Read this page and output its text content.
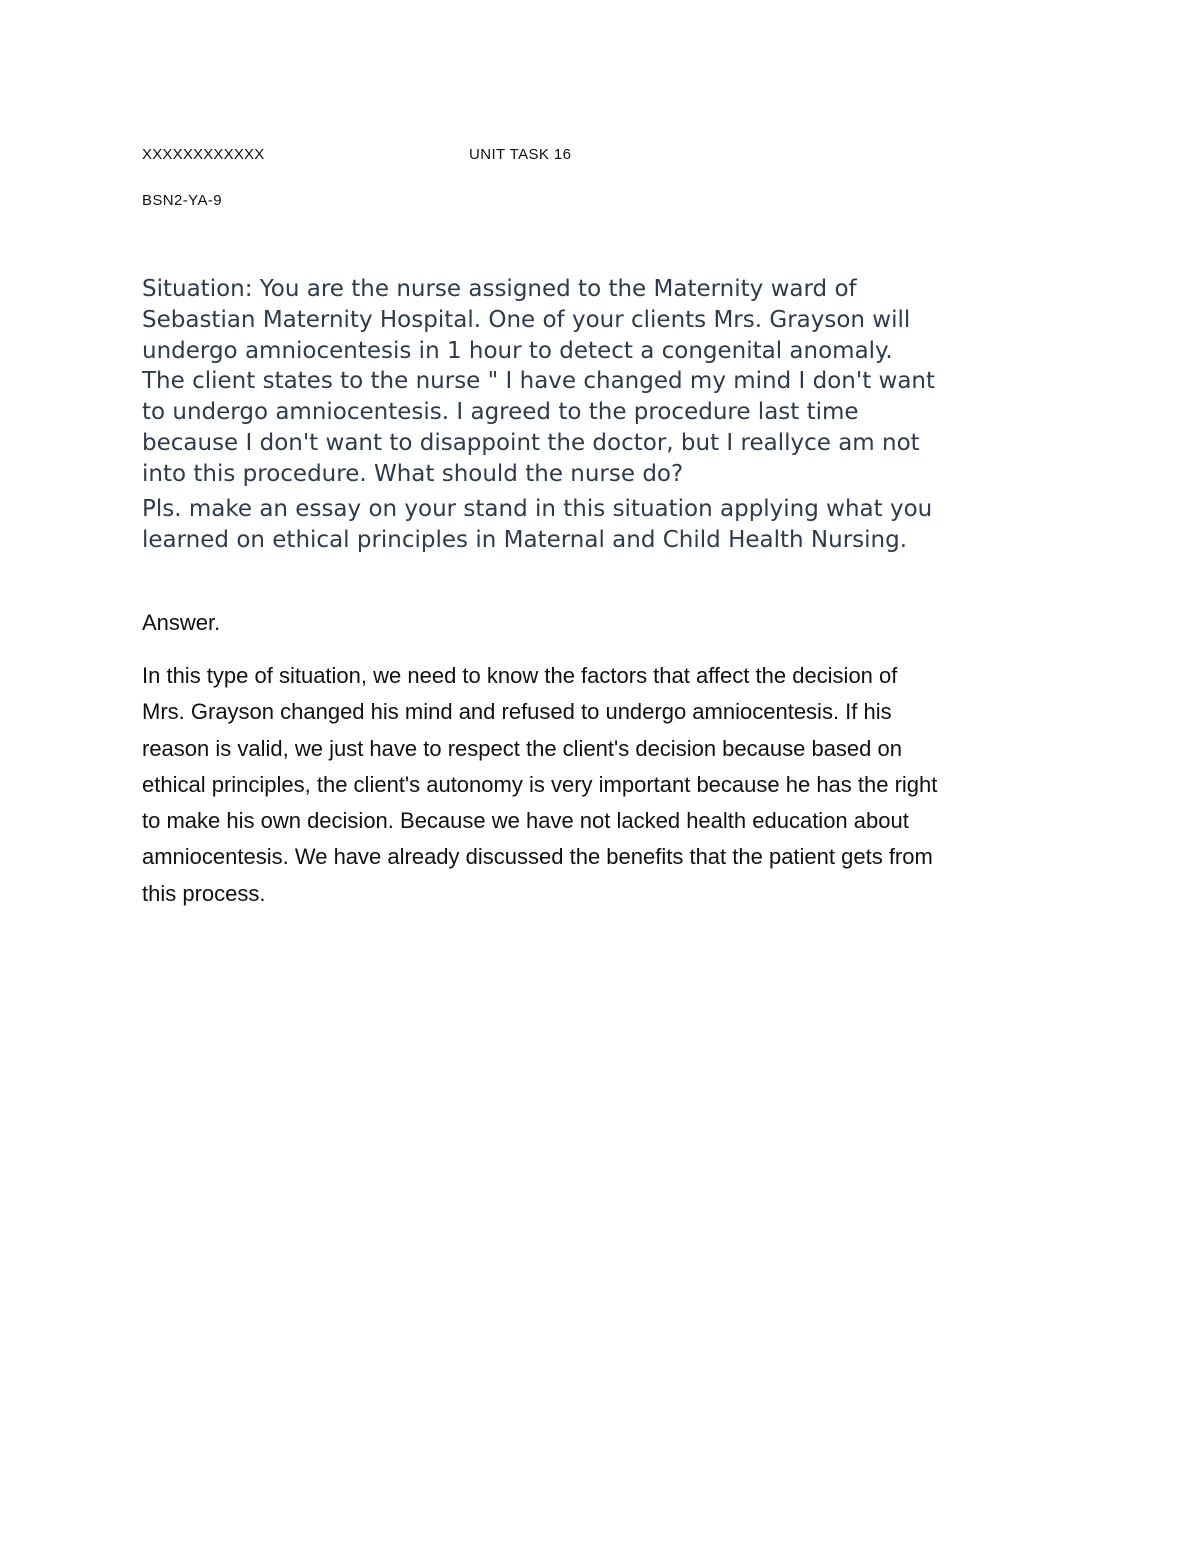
XXXXXXXXXXXX	UNIT TASK 16
BSN2-YA-9

Situation: You are the nurse assigned to the Maternity ward of
Sebastian Maternity Hospital. One of your clients Mrs. Grayson will
undergo amniocentesis in 1 hour to detect a congenital anomaly.
The client states to the nurse " I have changed my mind I don't want
to undergo amniocentesis. I agreed to the procedure last time
because I don't want to disappoint the doctor, but I reallyce am not
into this procedure. What should the nurse do?

Pls. make an essay on your stand in this situation applying what you
learned on ethical principles in Maternal and Child Health Nursing.

Answer.

In this type of situation, we need to know the factors that affect the decision of
Mrs. Grayson changed his mind and refused to undergo amniocentesis. If his
reason is valid, we just have to respect the client's decision because based on
ethical principles, the client's autonomy is very important because he has the right
to make his own decision. Because we have not lacked health education about
amniocentesis. We have already discussed the benefits that the patient gets from
this process.
